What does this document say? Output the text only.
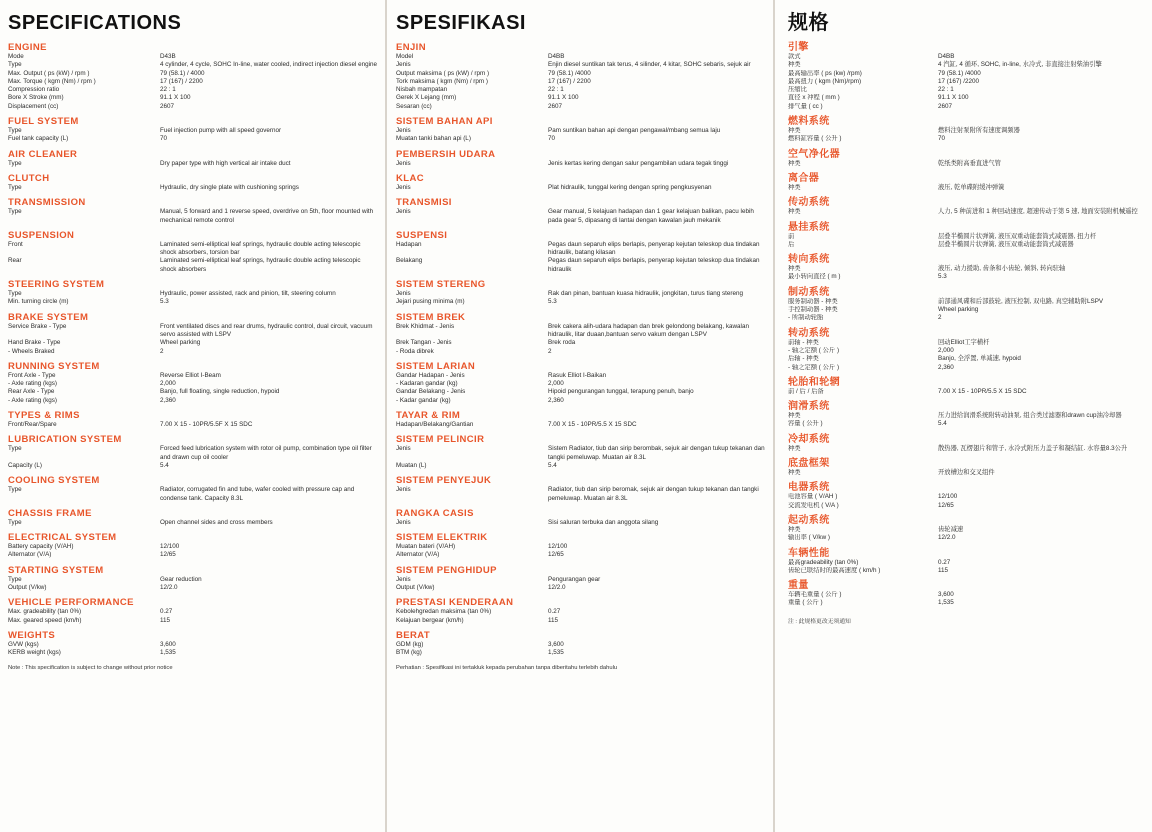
SPECIFICATIONS
ENGINE
Mode	D43B
Type	4 cylinder, 4 cycle, SOHC In-line, water cooled, indirect injection diesel engine
Max. Output ( ps (kW) / rpm )	79 (58.1) / 4000
Max. Torque ( kgm (Nm) / rpm )	17 (167) / 2200
Compression ratio	22 : 1
Bore X Stroke (mm)	91.1 X 100
Displacement (cc)	2607
FUEL SYSTEM
Type	Fuel injection pump with all speed governor
Fuel tank capacity (L)	70
AIR CLEANER
Type	Dry paper type with high vertical air intake duct
CLUTCH
Type	Hydraulic, dry single plate with cushioning springs
TRANSMISSION
Type	Manual, 5 forward and 1 reverse speed, overdrive on 5th, floor mounted with mechanical remote control
SUSPENSION
Front	Laminated semi-elliptical leaf springs, hydraulic double acting telescopic shock absorbers, torsion bar
Rear	Laminated semi-elliptical leaf springs, hydraulic double acting telescopic shock absorbers
STEERING SYSTEM
Type	Hydraulic, power assisted, rack and pinion, tilt, steering column
Min. turning circle (m)	5.3
BRAKE SYSTEM
Service Brake - Type	Front ventilated discs and rear drums, hydraulic control, dual circuit, vacuum servo assisted with LSPV
Hand Brake - Type	Wheel parking
- Wheels Braked	2
RUNNING SYSTEM
Front Axle - Type	Reverse Elliot I-Beam
- Axle rating (kgs)	2,000
Rear Axle - Type	Banjo, full floating, single reduction, hypoid
- Axle rating (kgs)	2,360
TYPES & RIMS
Front/Rear/Spare	7.00 X 15 - 10PR/5.5F X 15 SDC
LUBRICATION SYSTEM
Type	Forced feed lubrication system with rotor oil pump, combination type oil filter and drawn cup oil cooler
Capacity (L)	5.4
COOLING SYSTEM
Type	Radiator, corrugated fin and tube, wafer cooled with pressure cap and condense tank. Capacity 8.3L
CHASSIS FRAME
Type	Open channel sides and cross members
ELECTRICAL SYSTEM
Battery capacity (V/AH)	12/100
Alternator (V/A)	12/65
STARTING SYSTEM
Type	Gear reduction
Output (V/kw)	12/2.0
VEHICLE PERFORMANCE
Max. gradeability (tan 0%)	0.27
Max. geared speed (km/h)	115
WEIGHTS
GVW (kgs)	3,600
KERB weight (kgs)	1,535
Note : This specification is subject to change without prior notice
SPESIFIKASI
ENJIN
Model	D4BB
Jenis	Enjin diesel suntikan tak terus, 4 silinder, 4 kitar, SOHC sebaris, sejuk air
Output maksima ( ps (kW) / rpm )	79 (58.1) /4000
Tork maksima ( kgm (Nm) / rpm )	17 (167) / 2200
Nisbah mampatan	22 : 1
Gerek X Lejang (mm)	91.1 X 100
Sesaran (cc)	2607
SISTEM BAHAN API
Jenis	Pam suntikan bahan api dengan pengawal/mbang semua laju
Muatan tanki bahan api (L)	70
PEMBERSIH UDARA
Jenis	Jenis kertas kering dengan salur pengambilan udara tegak tinggi
KLAC
Jenis	Plat hidraulik, tunggal kering dengan spring pengkusyenan
TRANSMISI
Jenis	Gear manual, 5 kelajuan hadapan dan 1 gear kelajuan balikan, pacu lebih pada gear 5, dipasang di lantai dengan kawalan jauh mekanik
SUSPENSI
Hadapan	Pegas daun separuh elips berlapis, penyerap kejutan teleskop dua tindakan hidraulik, batang kilasan
Belakang	Pegas daun separuh elips berlapis, penyerap kejutan teleskop dua tindakan hidraulik
SISTEM STERENG
Jenis	Rak dan pinan, bantuan kuasa hidraulik, jongkitan, turus tiang stereng
Jejari pusing minima (m)	5.3
SISTEM BREK
Brek Khidmat - Jenis	Brek cakera alih-udara hadapan dan brek gelondong belakang, kawalan hidraulik, litar duaan,bantuan servo vakum dengan LSPV
Brek Tangan - Jenis	Brek roda
- Roda dibrek	2
SISTEM LARIAN
Gandar Hadapan - Jenis	Rasuk Elliot I-Baikan
- Kadaran gandar (kg)	2,000
Gandar Belakang - Jenis	Hipoid pengurangan tunggal, terapung penuh, banjo
- Kadar gandar (kg)	2,360
TAYAR & RIM
Hadapan/Belakang/Gantian	7.00 X 15 - 10PR/5.5 X 15 SDC
SISTEM PELINCIR
Jenis	Sistem Radiator, tiub dan sirip berombak, sejuk air dengan tukup tekanan dan tangki pemeluwap. Muatan air 8.3L
Muatan (L)	5.4
SISTEM PENYEJUK
Jenis	Radiator, tiub dan sirip beromak, sejuk air dengan tukup tekanan dan tangki pemeluwap. Muatan air 8.3L
RANGKA CASIS
Jenis	Sisi saluran terbuka dan anggota silang
SISTEM ELEKTRIK
Muatan bateri (V/AH)	12/100
Alternator (V/A)	12/65
SISTEM PENGHIDUP
Jenis	Pengurangan gear
Output (V/kw)	12/2.0
PRESTASI KENDERAAN
Kebolehgredan maksima (tan 0%)	0.27
Kelajuan bergear (km/h)	115
BERAT
GDM (kg)	3,600
BTM (kg)	1,535
Perhatian : Spesifikasi ini tertakluk kepada perubahan tanpa diberitahu terlebih dahulu
规格
引擎
款式	D4BB
种类	4 汽缸, 4 循环, SOHC, in-line, 水冷式, 非直接注射柴油引擎
最高输出率 ( ps (kw) /rpm)	79 (58.1) /4000
最高扭力 ( kgm (Nm)/rpm)	17 (167) /2200
压缩比	22 : 1
直径 x 冲程 ( mm )	91.1 X 100
排气量 ( cc )	2607
燃料系统
种类	燃料注射泵附所有速度调频器
燃料缸容量 ( 公升 )	70
空气净化器
种类	乾纸类附高垂直进气管
离合器
种类	液压, 乾单碟附缓冲弹簧
传动系统
种类	人力, 5 种前进和 1 种回动速度, 超速传动于第 5 速, 地面安装附机械遥控
悬挂系统
前	层叠半椭圆片状弹簧, 液压双重动能套筒式减震器, 扭力杆
后	层叠半椭圆片状弹簧, 液压双重动能套筒式减震器
转向系统
种类	液压, 动力援助, 齿条和小齿轮, 倾斜, 转向驻轴
最小转向直径 ( m )	5.3
制动系统
服务制动器 - 种类	前部通风碟和后部鼓轮, 液压控制, 双电路, 真空辅助附LSPV
手控制动器 - 种类	Wheel parking
- 所制动轮胎	2
转动系统
前轴 - 种类	回动Elliot工字横杆
- 轴之定额 ( 公斤 )	2,000
后轴 - 种类	Banjo, 全浮置, 单减速, hypoid
- 轴之定额 ( 公斤 )	2,360
轮胎和轮辋
前 / 后 / 后备	7.00 X 15 - 10PR/5.5 X 15 SDC
润滑系统
种类	压力进给润滑系统附转动油泵, 组合类过滤器和drawn cup油冷却器
容量 ( 公升 )	5.4
冷却系统
种类	散热器, 瓦楞翅片和管子, 水冷式附压力盖子和凝结缸. 水容量8.3公升
底盘框架
种类	开放槽边和交叉组件
电器系统
电池容量 ( V/AH )	12/100
交流发电机 ( V/A )	12/65
起动系统
种类	齿轮减速
输出率 ( V/kw )	12/2.0
车辆性能
最高gradeability (tan 0%)	0.27
齿轮已联结时的最高速度 ( km/h )	115
重量
车辆毛重量 ( 公斤 )	3,600
重量 ( 公斤 )	1,535
注 : 此规格更改无须通知
